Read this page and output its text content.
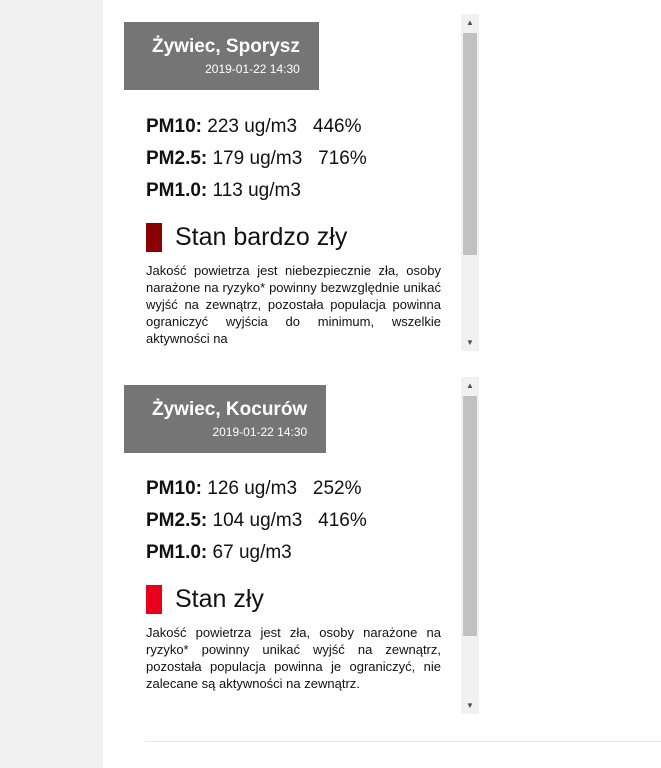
Żywiec, Sporysz
2019-01-22 14:30
PM10: 223 ug/m3 446%
PM2.5: 179 ug/m3 716%
PM1.0: 113 ug/m3
Stan bardzo zły
Jakość powietrza jest niebezpiecznie zła, osoby narażone na ryzyko* powinny bezwzględnie unikać wyjść na zewnątrz, pozostała populacja powinna ograniczyć wyjścia do minimum, wszelkie aktywności na
▲
▼
Żywiec, Kocurów
2019-01-22 14:30
PM10: 126 ug/m3 252%
PM2.5: 104 ug/m3 416%
PM1.0: 67 ug/m3
Stan zły
Jakość powietrza jest zła, osoby narażone na ryzyko* powinny unikać wyjść na zewnątrz, pozostała populacja powinna je ograniczyć, nie zalecane są aktywności na zewnątrz.
▲
▼
